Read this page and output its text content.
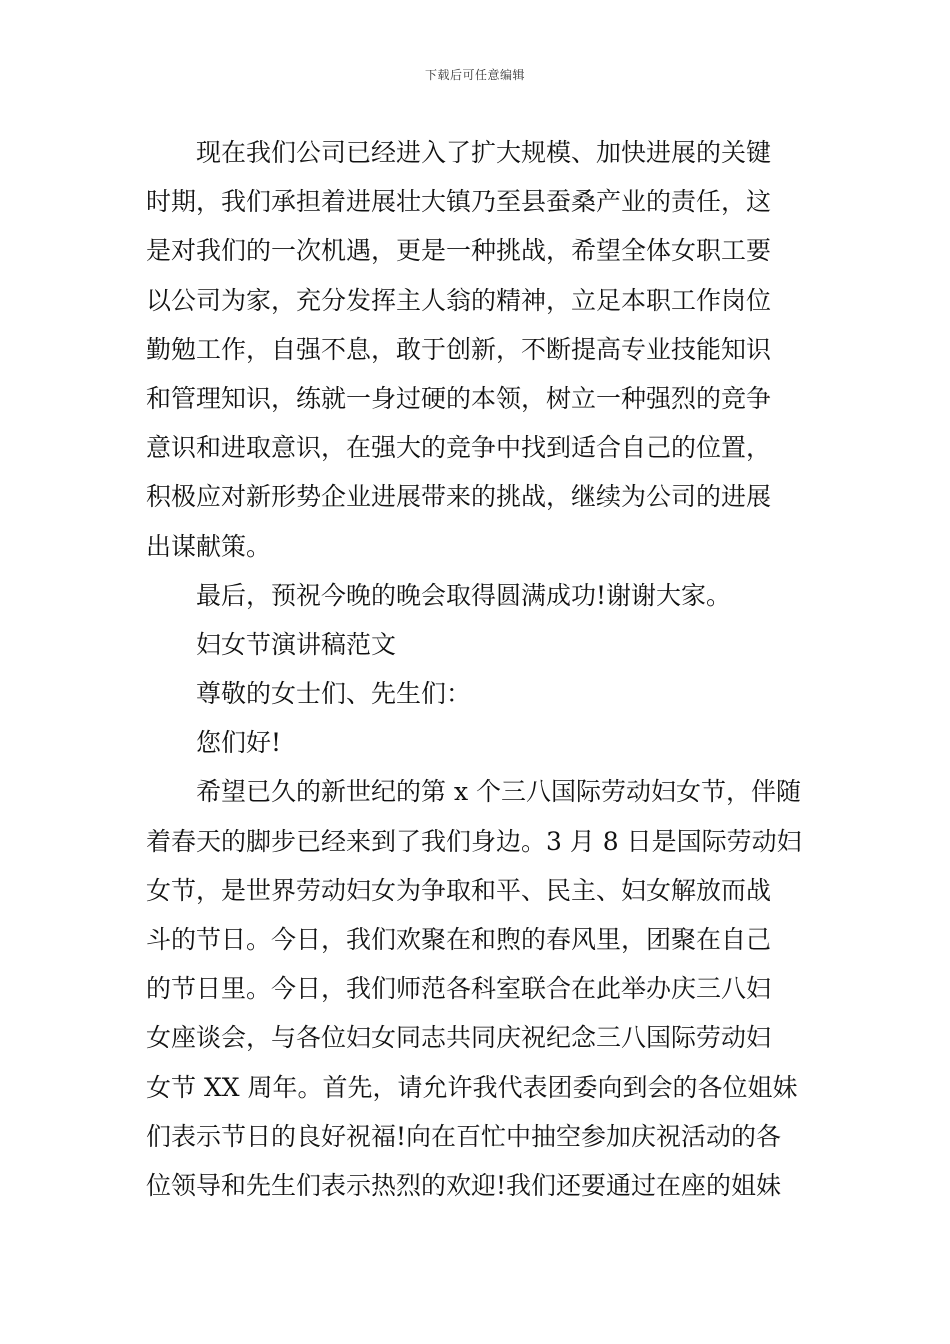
下载后可任意编辑
现在我们公司已经进入了扩大规模、加快进展的关键
时期，我们承担着进展壮大镇乃至县蚕桑产业的责任，这
是对我们的一次机遇，更是一种挑战，希望全体女职工要
以公司为家，充分发挥主人翁的精神，立足本职工作岗位
勤勉工作，自强不息，敢于创新，不断提高专业技能知识
和管理知识，练就一身过硬的本领，树立一种强烈的竞争
意识和进取意识，在强大的竞争中找到适合自己的位置，
积极应对新形势企业进展带来的挑战，继续为公司的进展
出谋献策。
最后，预祝今晚的晚会取得圆满成功!谢谢大家。
妇女节演讲稿范文
尊敬的女士们、先生们：
您们好!
希望已久的新世纪的第 x 个三八国际劳动妇女节，伴随
着春天的脚步已经来到了我们身边。3 月 8 日是国际劳动妇
女节，是世界劳动妇女为争取和平、民主、妇女解放而战
斗的节日。今日，我们欢聚在和煦的春风里，团聚在自己
的节日里。今日，我们师范各科室联合在此举办庆三八妇
女座谈会，与各位妇女同志共同庆祝纪念三八国际劳动妇
女节 XX 周年。首先，请允许我代表团委向到会的各位姐妹
们表示节日的良好祝福!向在百忙中抽空参加庆祝活动的各
位领导和先生们表示热烈的欢迎!我们还要通过在座的姐妹
